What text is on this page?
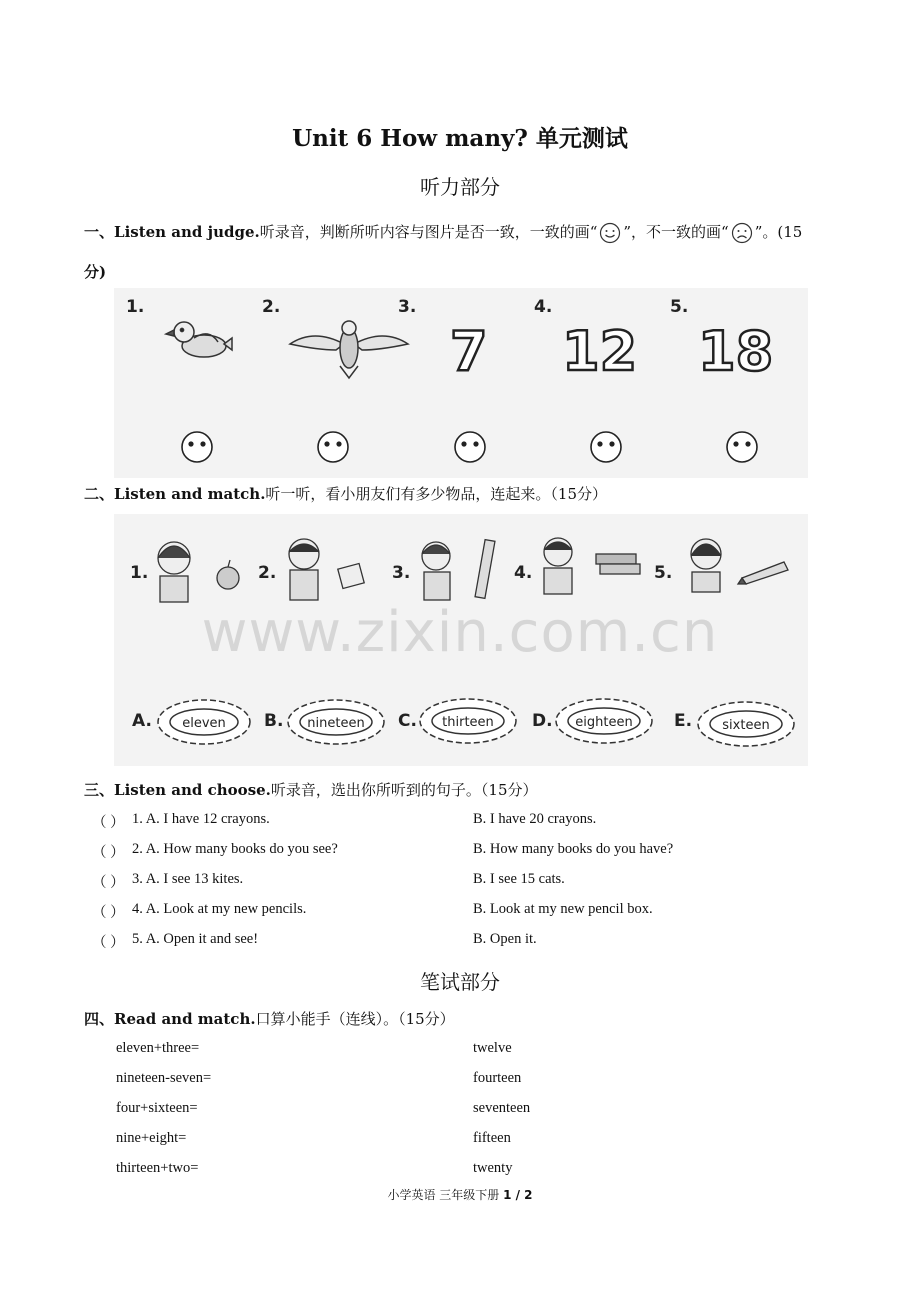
Unit 6 How many? 单元测试
听力部分
一、Listen and judge.听录音，判断所听内容与图片是否一致，一致的画“ ”，不一致的画“ ”。(15
分)
1.	2.	3.	4.	5.
7 12 18
二、Listen and match.听一听，看小朋友们有多少物品，连起来。（15分）
1.	2.	3.	4.	5.
A.	B.	C.	D.	E.
eleven	nineteen	thirteen	eighteen	sixteen
www.zixin.com.cn
三、Listen and choose.听录音，选出你所听到的句子。（15分）
（ ） 1. A. I have 12 crayons.	B. I have 20 crayons.
（ ） 2. A. How many books do you see?	B. How many books do you have?
（ ） 3. A. I see 13 kites.	B. I see 15 cats.
（ ） 4. A. Look at my new pencils.	B. Look at my new pencil box.
（ ） 5. A. Open it and see!	B. Open it.
笔试部分
四、Read and match.口算小能手（连线）。（15分）
eleven+three=	twelve
nineteen-seven=	fourteen
four+sixteen=	seventeen
nine+eight=	fifteen
thirteen+two=	twenty
小学英语 三年级下册 1 / 2
